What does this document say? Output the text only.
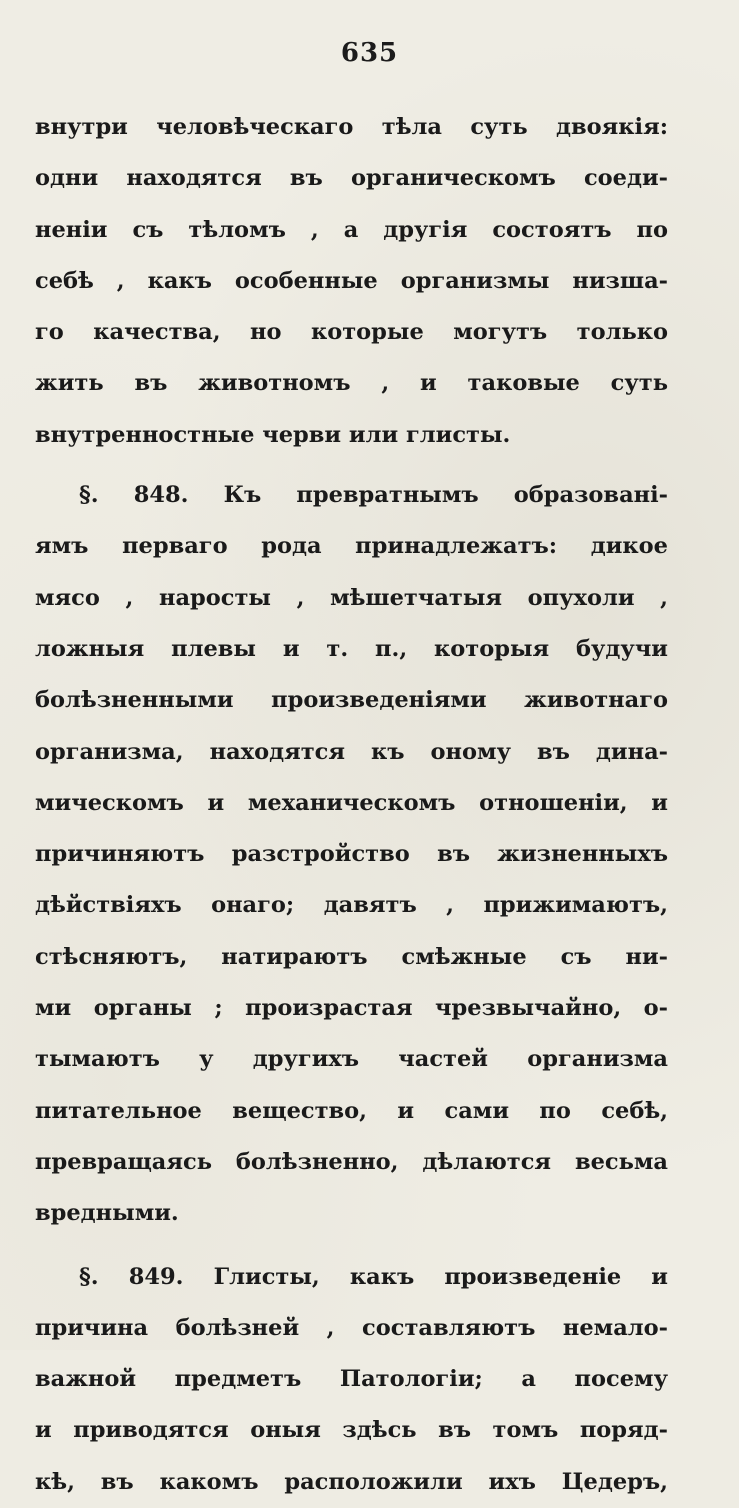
635
внутри человѣческаго тѣла суть двоякія:
одни находятся въ органическомъ соеди-
неніи съ тѣломъ , а другія состоятъ по
себѣ , какъ особенные организмы низша-
го качества, но которые могутъ только
жить въ животномъ , и таковые суть
внутренностные черви или глисты.
§. 848. Къ превратнымъ образовані-
ямъ перваго рода принадлежатъ: дикое
мясо , наросты , мѣшетчатыя опухоли ,
ложныя плевы и т. п., которыя будучи
болѣзненными произведеніями животнаго
организма, находятся къ оному въ дина-
мическомъ и механическомъ отношеніи, и
причиняютъ разстройство въ жизненныхъ
дѣйствіяхъ онаго; давятъ , прижимаютъ,
стѣсняютъ, натираютъ смѣжные съ ни-
ми органы ; произрастая чрезвычайно, о-
тымаютъ у другихъ частей организма
питательное вещество, и сами по себѣ,
превращаясь болѣзненно, дѣлаются весьма
вредными.
§. 849. Глисты, какъ произведеніе и
причина болѣзней , составляютъ немало-
важной предметъ Патологіи; а посему
и приводятся оныя здѣсь въ томъ поряд-
кѣ, въ какомъ расположили ихъ Цедеръ,
